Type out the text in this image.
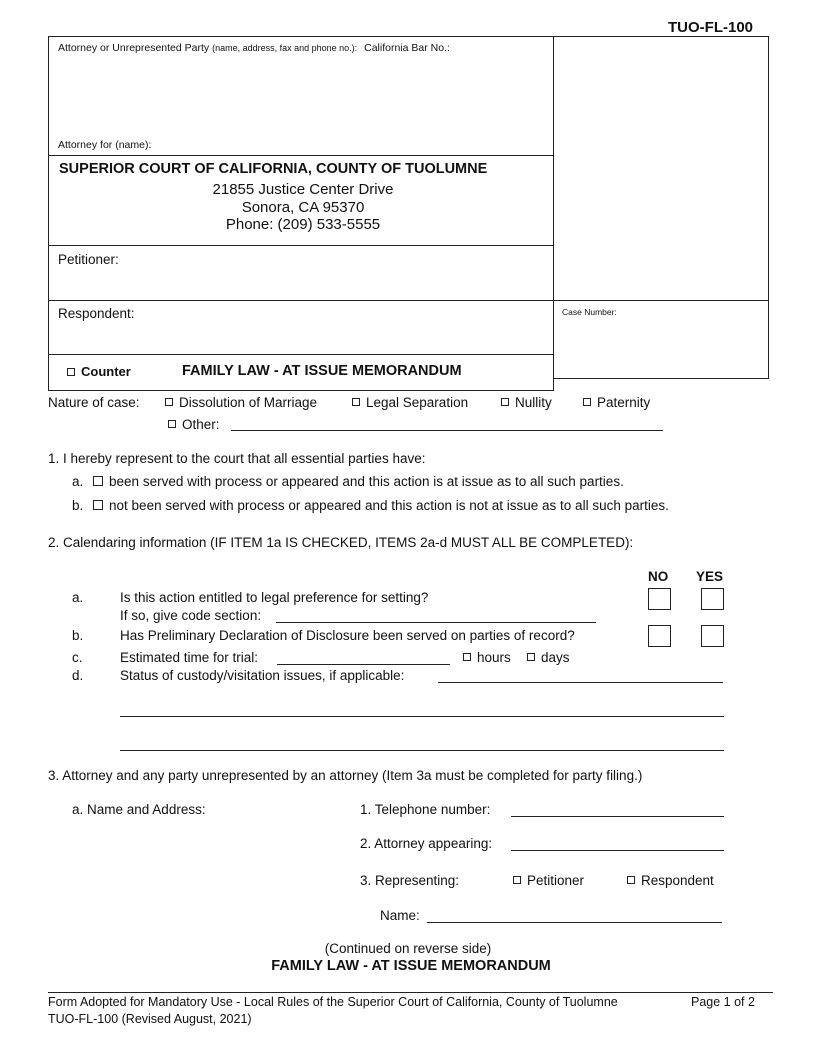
TUO-FL-100
Attorney or Unrepresented Party (name, address, fax and phone no.): California Bar No.:
Attorney for (name):
SUPERIOR COURT OF CALIFORNIA, COUNTY OF TUOLUMNE
21855 Justice Center Drive
Sonora, CA 95370
Phone: (209) 533-5555
Petitioner:
Respondent:	Case Number:
Counter	FAMILY LAW - AT ISSUE MEMORANDUM
Nature of case:	Dissolution of Marriage	Legal Separation	Nullity	Paternity
Other:
1. I hereby represent to the court that all essential parties have:
a. been served with process or appeared and this action is at issue as to all such parties.
b. not been served with process or appeared and this action is not at issue as to all such parties.
2. Calendaring information (IF ITEM 1a IS CHECKED, ITEMS 2a-d MUST ALL BE COMPLETED):
NO YES
a.	Is this action entitled to legal preference for setting?
If so, give code section:
b.	Has Preliminary Declaration of Disclosure been served on parties of record?
c.	Estimated time for trial:	hours	days
d.	Status of custody/visitation issues, if applicable:
3. Attorney and any party unrepresented by an attorney (Item 3a must be completed for party filing.)
a. Name and Address:	1. Telephone number:
2. Attorney appearing:
3. Representing:	Petitioner	Respondent
Name:
(Continued on reverse side)
FAMILY LAW - AT ISSUE MEMORANDUM
Form Adopted for Mandatory Use - Local Rules of the Superior Court of California, County of Tuolumne
TUO-FL-100 (Revised August, 2021)
Page 1 of 2
